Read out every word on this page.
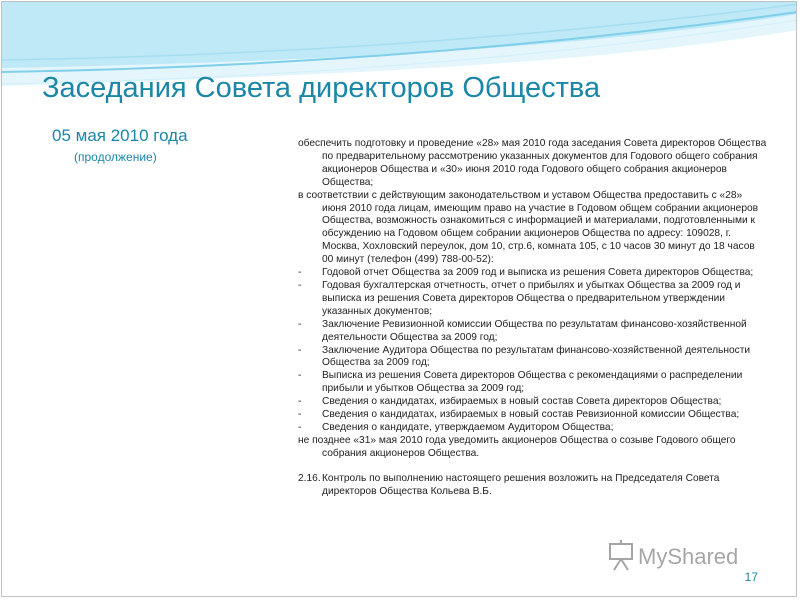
Заседания Совета директоров Общества
05 мая 2010 года
(продолжение)
обеспечить подготовку и проведение «28» мая 2010 года заседания Совета директоров Общества по предварительному рассмотрению указанных документов для Годового общего собрания акционеров Общества и «30» июня 2010 года Годового общего собрания акционеров Общества;
в соответствии с действующим законодательством и уставом Общества предоставить с «28» июня 2010 года лицам, имеющим право на участие в Годовом общем собрании акционеров Общества, возможность ознакомиться с информацией и материалами, подготовленными к обсуждению на Годовом общем собрании акционеров Общества по адресу: 109028, г. Москва, Хохловский переулок, дом 10, стр.6, комната 105, с 10 часов 30 минут до 18 часов 00 минут (телефон (499) 788-00-52):
- Годовой отчет Общества за 2009 год и выписка из решения Совета директоров Общества;
- Годовая бухгалтерская отчетность, отчет о прибылях и убытках Общества за 2009 год и выписка из решения Совета директоров Общества о предварительном утверждении указанных документов;
- Заключение Ревизионной комиссии Общества по результатам финансово-хозяйственной деятельности Общества за 2009 год;
- Заключение Аудитора Общества по результатам финансово-хозяйственной деятельности Общества за 2009 год;
- Выписка из решения Совета директоров Общества с рекомендациями о распределении прибыли и убытков Общества за 2009 год;
- Сведения о кандидатах, избираемых в новый состав Совета директоров Общества;
- Сведения о кандидатах, избираемых в новый состав Ревизионной комиссии Общества;
- Сведения о кандидате, утверждаемом Аудитором Общества;
не позднее «31» мая 2010 года уведомить акционеров Общества о созыве Годового общего собрания акционеров Общества.
2.16. Контроль по выполнению настоящего решения возложить на Председателя Совета директоров Общества Кольева В.Б.
MyShared
17
